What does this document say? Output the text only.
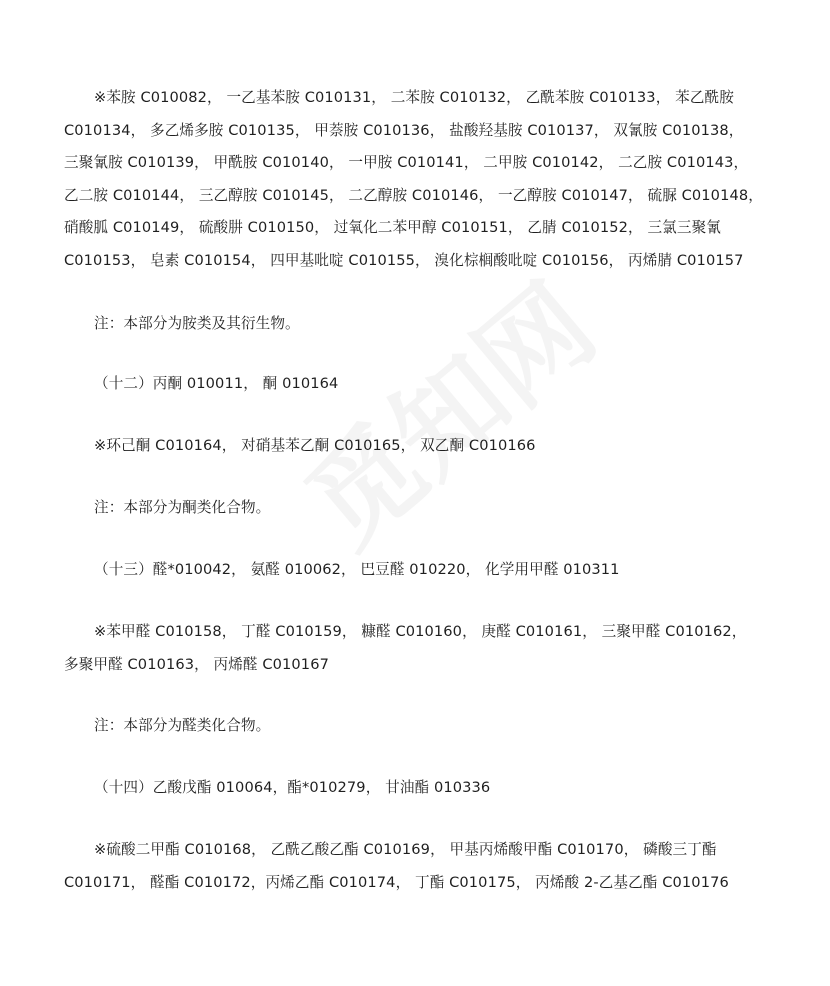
※苯胺 C010082， 一乙基苯胺 C010131， 二苯胺 C010132， 乙酰苯胺 C010133， 苯乙酰胺
C010134， 多乙烯多胺 C010135， 甲萘胺 C010136， 盐酸羟基胺 C010137， 双氰胺 C010138，
三聚氰胺 C010139， 甲酰胺 C010140， 一甲胺 C010141， 二甲胺 C010142， 二乙胺 C010143，
乙二胺 C010144， 三乙醇胺 C010145， 二乙醇胺 C010146， 一乙醇胺 C010147， 硫脲 C010148，
硝酸胍 C010149， 硫酸肼 C010150， 过氧化二苯甲醇 C010151， 乙腈 C010152， 三氯三聚氰
C010153， 皂素 C010154， 四甲基吡啶 C010155， 溴化棕榈酸吡啶 C010156， 丙烯腈 C010157

注：本部分为胺类及其衍生物。

（十二）丙酮 010011， 酮 010164

※环己酮 C010164， 对硝基苯乙酮 C010165， 双乙酮 C010166

注：本部分为酮类化合物。

（十三）醛*010042， 氨醛 010062， 巴豆醛 010220， 化学用甲醛 010311

※苯甲醛 C010158， 丁醛 C010159， 糠醛 C010160， 庚醛 C010161， 三聚甲醛 C010162，
多聚甲醛 C010163， 丙烯醛 C010167

注：本部分为醛类化合物。

（十四）乙酸戊酯 010064，酯*010279， 甘油酯 010336

※硫酸二甲酯 C010168， 乙酰乙酸乙酯 C010169， 甲基丙烯酸甲酯 C010170， 磷酸三丁酯
C010171， 醛酯 C010172，丙烯乙酯 C010174， 丁酯 C010175， 丙烯酸 2-乙基乙酯 C010176
